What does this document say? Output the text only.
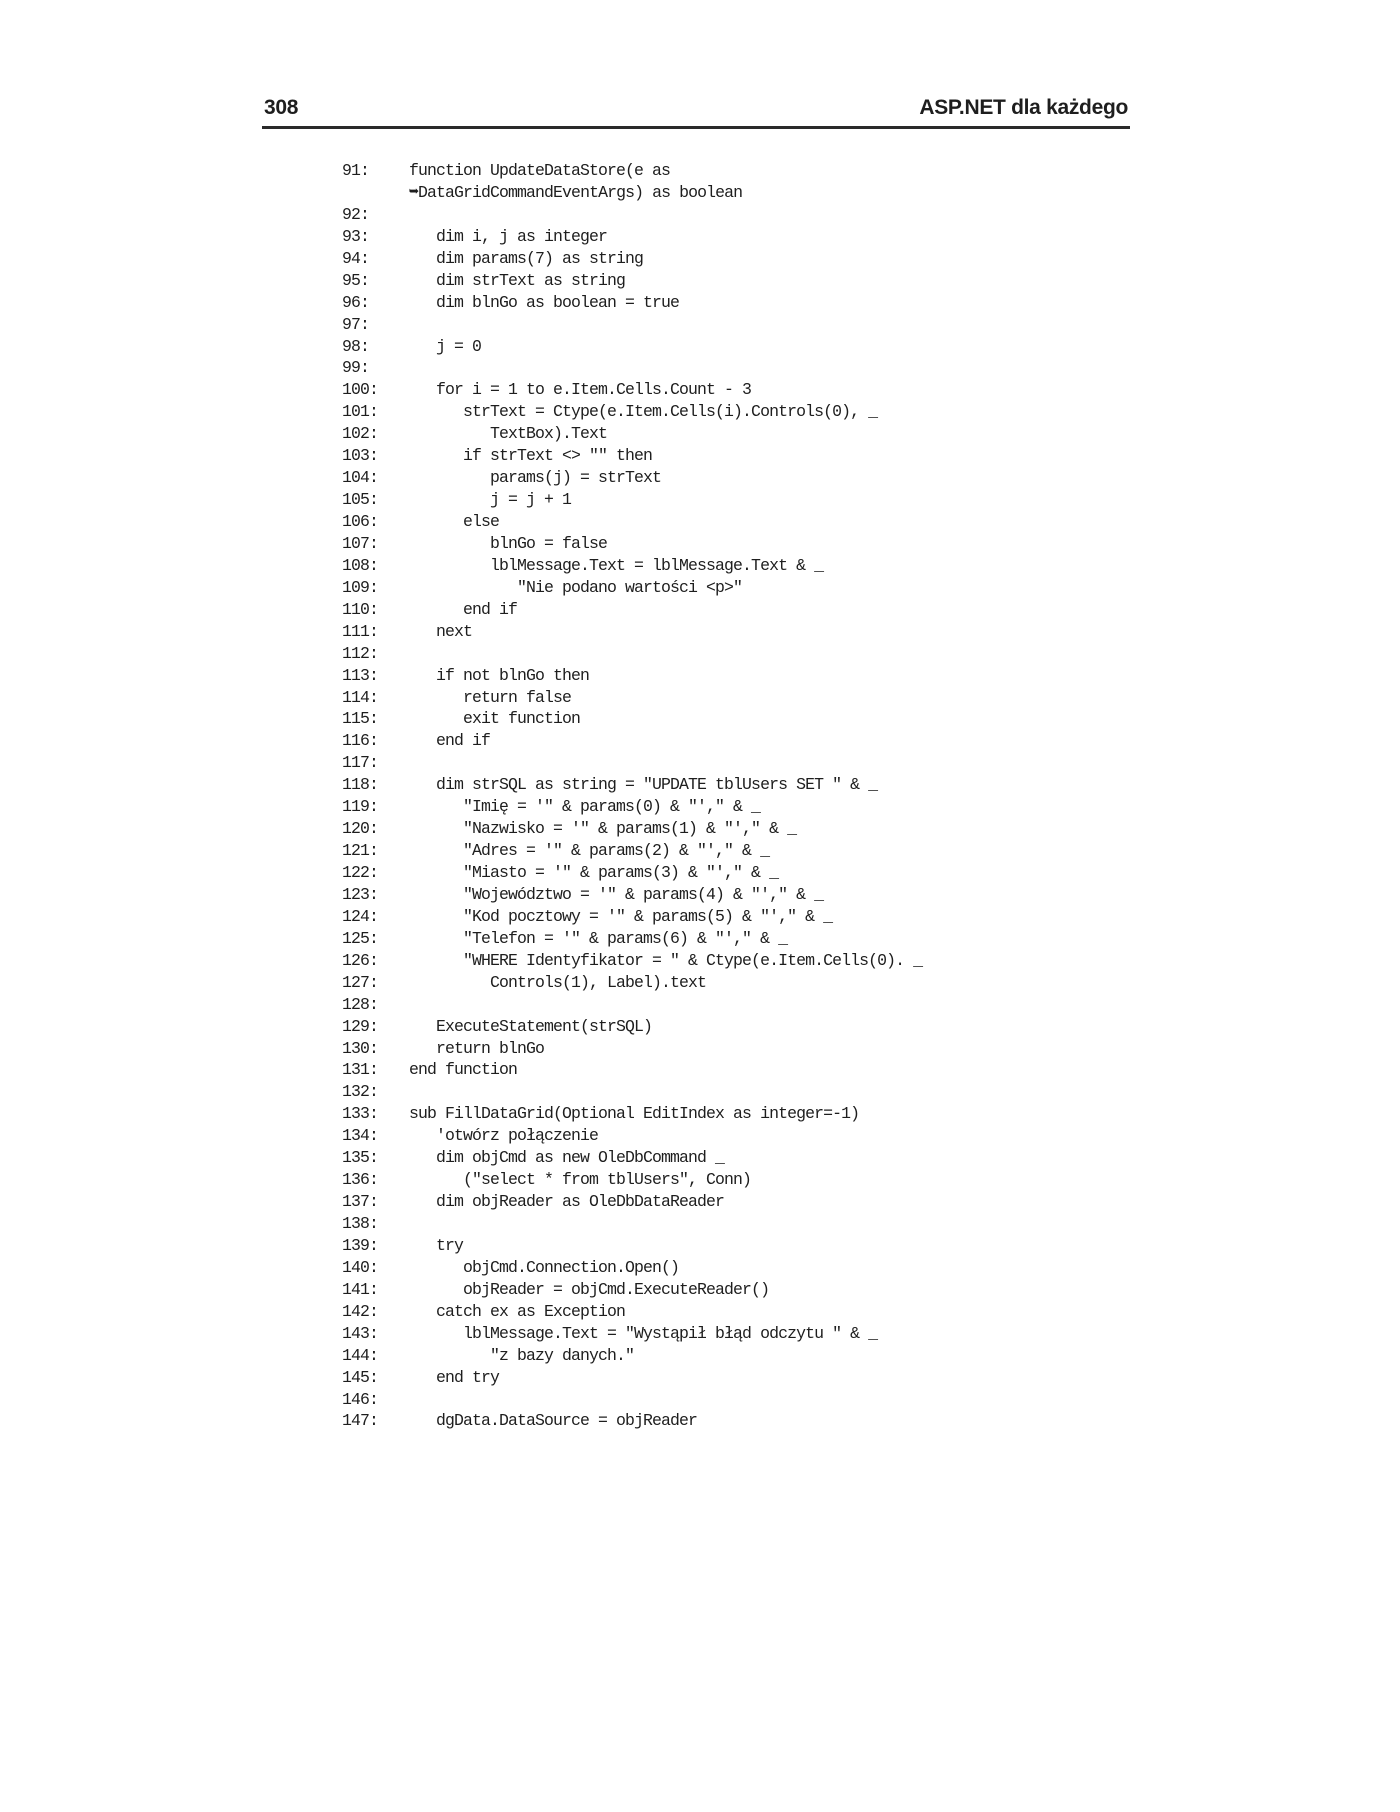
308	ASP.NET dla każdego
91: function UpdateDataStore(e as
➥DataGridCommandEventArgs) as boolean
92:
93:   dim i, j as integer
94:   dim params(7) as string
95:   dim strText as string
96:   dim blnGo as boolean = true
97:
98:   j = 0
99:
100:   for i = 1 to e.Item.Cells.Count - 3
101:      strText = Ctype(e.Item.Cells(i).Controls(0), _
102:         TextBox).Text
103:      if strText <> "" then
104:         params(j) = strText
105:         j = j + 1
106:      else
107:         blnGo = false
108:         lblMessage.Text = lblMessage.Text & _
109:            "Nie podano wartości <p>"
110:      end if
111:   next
112:
113:   if not blnGo then
114:      return false
115:      exit function
116:   end if
117:
118:   dim strSQL as string = "UPDATE tblUsers SET " & _
119:      "Imię = '" & params(0) & "'," & _
120:      "Nazwisko = '" & params(1) & "'," & _
121:      "Adres = '" & params(2) & "'," & _
122:      "Miasto = '" & params(3) & "'," & _
123:      "Województwo = '" & params(4) & "'," & _
124:      "Kod pocztowy = '" & params(5) & "'," & _
125:      "Telefon = '" & params(6) & "'," & _
126:      "WHERE Identyfikator = " & Ctype(e.Item.Cells(0). _
127:         Controls(1), Label).text
128:
129:   ExecuteStatement(strSQL)
130:   return blnGo
131: end function
132:
133: sub FillDataGrid(Optional EditIndex as integer=-1)
134:   'otwórz połączenie
135:   dim objCmd as new OleDbCommand _
136:      ("select * from tblUsers", Conn)
137:   dim objReader as OleDbDataReader
138:
139:   try
140:      objCmd.Connection.Open()
141:      objReader = objCmd.ExecuteReader()
142:   catch ex as Exception
143:      lblMessage.Text = "Wystąpił błąd odczytu " & _
144:         "z bazy danych."
145:   end try
146:
147:   dgData.DataSource = objReader
